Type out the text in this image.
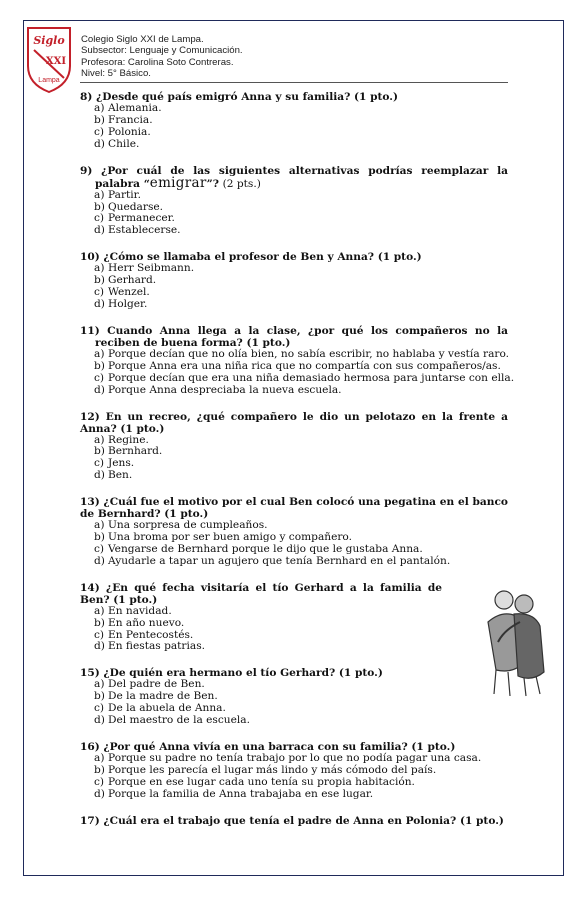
Siglo
XXI
Lampa
Colegio Siglo XXI de Lampa.
Subsector: Lenguaje y Comunicación.
Profesora: Carolina Soto Contreras.
Nivel: 5° Básico.
8) ¿Desde qué país emigró Anna y su familia? (1 pto.)
a) Alemania.
b) Francia.
c) Polonia.
d) Chile.
9) ¿Por cuál de las siguientes alternativas podrías reemplazar la palabra “emigrar”? (2 pts.)
a) Partir.
b) Quedarse.
c) Permanecer.
d) Establecerse.
10) ¿Cómo se llamaba el profesor de Ben y Anna? (1 pto.)
a) Herr Seibmann.
b) Gerhard.
c) Wenzel.
d) Holger.
11) Cuando Anna llega a la clase, ¿por qué los compañeros no la reciben de buena forma? (1 pto.)
a) Porque decían que no olía bien, no sabía escribir, no hablaba y vestía raro.
b) Porque Anna era una niña rica que no compartía con sus compañeros/as.
c) Porque decían que era una niña demasiado hermosa para juntarse con ella.
d) Porque Anna despreciaba la nueva escuela.
12) En un recreo, ¿qué compañero le dio un pelotazo en la frente a Anna? (1 pto.)
a) Regine.
b) Bernhard.
c) Jens.
d) Ben.
13) ¿Cuál fue el motivo por el cual Ben colocó una pegatina en el banco de Bernhard? (1 pto.)
a) Una sorpresa de cumpleaños.
b) Una broma por ser buen amigo y compañero.
c) Vengarse de Bernhard porque le dijo que le gustaba Anna.
d) Ayudarle a tapar un agujero que tenía Bernhard en el pantalón.
14) ¿En qué fecha visitaría el tío Gerhard a la familia de Ben? (1 pto.)
a) En navidad.
b) En año nuevo.
c) En Pentecostés.
d) En fiestas patrias.
15) ¿De quién era hermano el tío Gerhard? (1 pto.)
a) Del padre de Ben.
b) De la madre de Ben.
c) De la abuela de Anna.
d) Del maestro de la escuela.
16) ¿Por qué Anna vivía en una barraca con su familia? (1 pto.)
a) Porque su padre no tenía trabajo por lo que no podía pagar una casa.
b) Porque les parecía el lugar más lindo y más cómodo del país.
c) Porque en ese lugar cada uno tenía su propia habitación.
d) Porque la familia de Anna trabajaba en ese lugar.
17) ¿Cuál era el trabajo que tenía el padre de Anna en Polonia? (1 pto.)
